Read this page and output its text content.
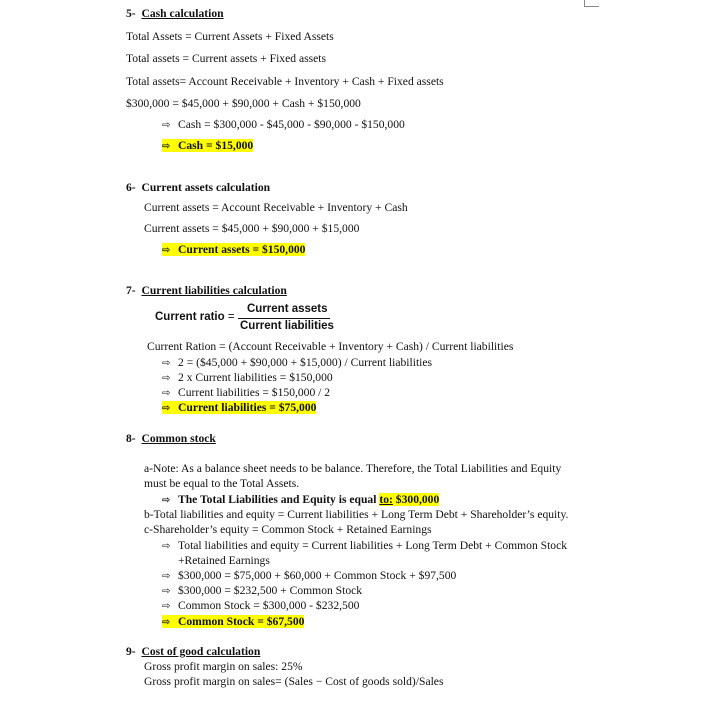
5- Cash calculation
Total Assets = Current Assets + Fixed Assets
Total assets = Current assets + Fixed assets
Total assets= Account Receivable + Inventory + Cash + Fixed assets
$300,000 = $45,000 + $90,000 + Cash + $150,000
⇨ Cash = $300,000 - $45,000 - $90,000 - $150,000
⇨ Cash = $15,000
6- Current assets calculation
Current assets = Account Receivable + Inventory + Cash
Current assets = $45,000 + $90,000 + $15,000
⇨ Current assets = $150,000
7- Current liabilities calculation
Current ratio =
Current assets
Current liabilities
Current Ration = (Account Receivable + Inventory + Cash) / Current liabilities
⇨ 2 = ($45,000 + $90,000 + $15,000) / Current liabilities
⇨ 2 x Current liabilities = $150,000
⇨ Current liabilities = $150,000 / 2
⇨ Current liabilities = $75,000
8- Common stock
a-Note: As a balance sheet needs to be balance. Therefore, the Total Liabilities and Equity
must be equal to the Total Assets.
⇨ The Total Liabilities and Equity is equal to: $300,000
b-Total liabilities and equity = Current liabilities + Long Term Debt + Shareholder’s equity.
c-Shareholder’s equity = Common Stock + Retained Earnings
⇨ Total liabilities and equity = Current liabilities + Long Term Debt + Common Stock
+Retained Earnings
⇨ $300,000 = $75,000 + $60,000 + Common Stock + $97,500
⇨ $300,000 = $232,500 + Common Stock
⇨ Common Stock = $300,000 - $232,500
⇨ Common Stock = $67,500
9- Cost of good calculation
Gross profit margin on sales: 25%
Gross profit margin on sales= (Sales − Cost of goods sold)/Sales
